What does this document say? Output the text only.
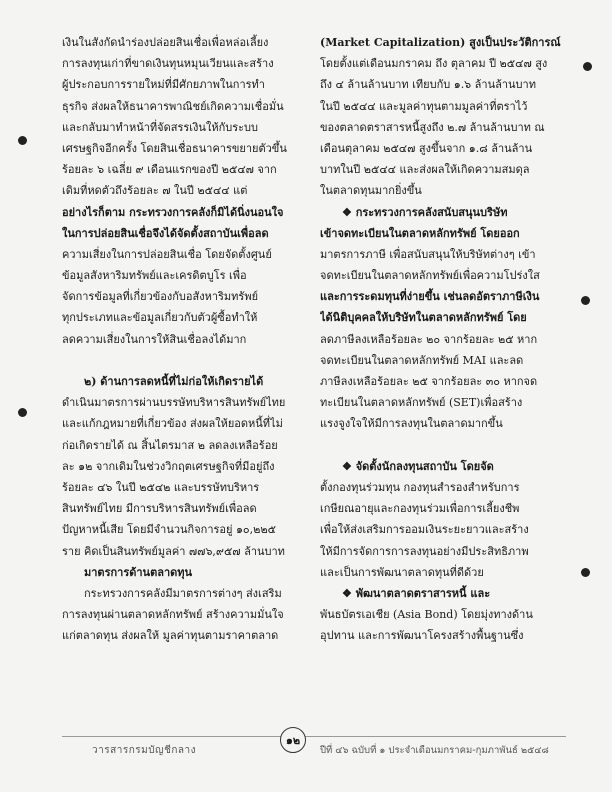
เงินในสังกัดนำร่องปล่อยสินเชื่อเพื่อหล่อเลี้ยง
การลงทุนเก่าที่ขาดเงินทุนหมุนเวียนและสร้าง
ผู้ประกอบการรายใหม่ที่มีศักยภาพในการทำ
ธุรกิจ ส่งผลให้ธนาคารพาณิชย์เกิดความเชื่อมั่น
และกลับมาทำหน้าที่จัดสรรเงินให้กับระบบ
เศรษฐกิจอีกครั้ง โดยสินเชื่อธนาคารขยายตัวขึ้น
ร้อยละ ๖ เฉลี่ย ๙ เดือนแรกของปี ๒๕๔๗ จาก
เดิมที่หดตัวถึงร้อยละ ๗ ในปี ๒๕๔๔ แต่
อย่างไรก็ตาม กระทรวงการคลังก็มิได้นิ่งนอนใจ
ในการปล่อยสินเชื่อจึงได้จัดตั้งสถาบันเพื่อลด
ความเสี่ยงในการปล่อยสินเชื่อ โดยจัดตั้งศูนย์
ข้อมูลสังหาริมทรัพย์และเครดิตบูโร เพื่อ
จัดการข้อมูลที่เกี่ยวข้องกับอสังหาริมทรัพย์
ทุกประเภทและข้อมูลเกี่ยวกับตัวผู้ซื้อทำให้
ลดความเสี่ยงในการให้สินเชื่อลงได้มาก
๒) ด้านการลดหนี้ที่ไม่ก่อให้เกิดรายได้
ดำเนินมาตรการผ่านบรรษัทบริหารสินทรัพย์ไทย
และแก้กฎหมายที่เกี่ยวข้อง ส่งผลให้ยอดหนี้ที่ไม่
ก่อเกิดรายได้ ณ สิ้นไตรมาส ๒ ลดลงเหลือร้อย
ละ ๑๒ จากเดิมในช่วงวิกฤตเศรษฐกิจที่มีอยู่ถึง
ร้อยละ ๔๖ ในปี ๒๕๔๒ และบรรษัทบริหาร
สินทรัพย์ไทย มีการบริหารสินทรัพย์เพื่อลด
ปัญหาหนี้เสีย โดยมีจำนวนกิจการอยู่ ๑๐,๒๒๕
ราย คิดเป็นสินทรัพย์มูลค่า ๗๗๖,๙๕๗ ล้านบาท
มาตรการด้านตลาดทุน
กระทรวงการคลังมีมาตรการต่างๆ ส่งเสริม
การลงทุนผ่านตลาดหลักทรัพย์ สร้างความมั่นใจ
แก่ตลาดทุน ส่งผลให้ มูลค่าทุนตามราคาตลาด
(Market Capitalization) สูงเป็นประวัติการณ์
โดยตั้งแต่เดือนมกราคม ถึง ตุลาคม ปี ๒๕๔๗ สูง
ถึง ๔ ล้านล้านบาท เทียบกับ ๑.๖ ล้านล้านบาท
ในปี ๒๕๔๔ และมูลค่าทุนตามมูลค่าที่ตราไว้
ของตลาดตราสารหนี้สูงถึง ๒.๗ ล้านล้านบาท ณ
เดือนตุลาคม ๒๕๔๗ สูงขึ้นจาก ๑.๘ ล้านล้าน
บาทในปี ๒๕๔๔ และส่งผลให้เกิดความสมดุล
ในตลาดทุนมากยิ่งขึ้น
❖ กระทรวงการคลังสนับสนุนบริษัท
เข้าจดทะเบียนในตลาดหลักทรัพย์ โดยออก
มาตรการภาษี เพื่อสนับสนุนให้บริษัทต่างๆ เข้า
จดทะเบียนในตลาดหลักทรัพย์เพื่อความโปร่งใส
และการระดมทุนที่ง่ายขึ้น เช่นลดอัตราภาษีเงิน
ได้นิติบุคคลให้บริษัทในตลาดหลักทรัพย์ โดย
ลดภาษีลงเหลือร้อยละ ๒๐ จากร้อยละ ๒๕ หาก
จดทะเบียนในตลาดหลักทรัพย์ MAI และลด
ภาษีลงเหลือร้อยละ ๒๕ จากร้อยละ ๓๐ หากจด
ทะเบียนในตลาดหลักทรัพย์ (SET)เพื่อสร้าง
แรงจูงใจให้มีการลงทุนในตลาดมากขึ้น
❖ จัดตั้งนักลงทุนสถาบัน โดยจัด
ตั้งกองทุนร่วมทุน กองทุนสำรองสำหรับการ
เกษียณอายุและกองทุนร่วมเพื่อการเลี้ยงชีพ
เพื่อให้ส่งเสริมการออมเงินระยะยาวและสร้าง
ให้มีการจัดการการลงทุนอย่างมีประสิทธิภาพ
และเป็นการพัฒนาตลาดทุนที่ดีด้วย
❖ พัฒนาตลาดตราสารหนี้ และ
พันธบัตรเอเชีย (Asia Bond) โดยมุ่งทางด้าน
อุปทาน และการพัฒนาโครงสร้างพื้นฐานซึ่ง
วารสารกรมบัญชีกลาง
๑๒
ปีที่ ๔๖ ฉบับที่ ๑ ประจำเดือนมกราคม-กุมภาพันธ์ ๒๕๔๘
